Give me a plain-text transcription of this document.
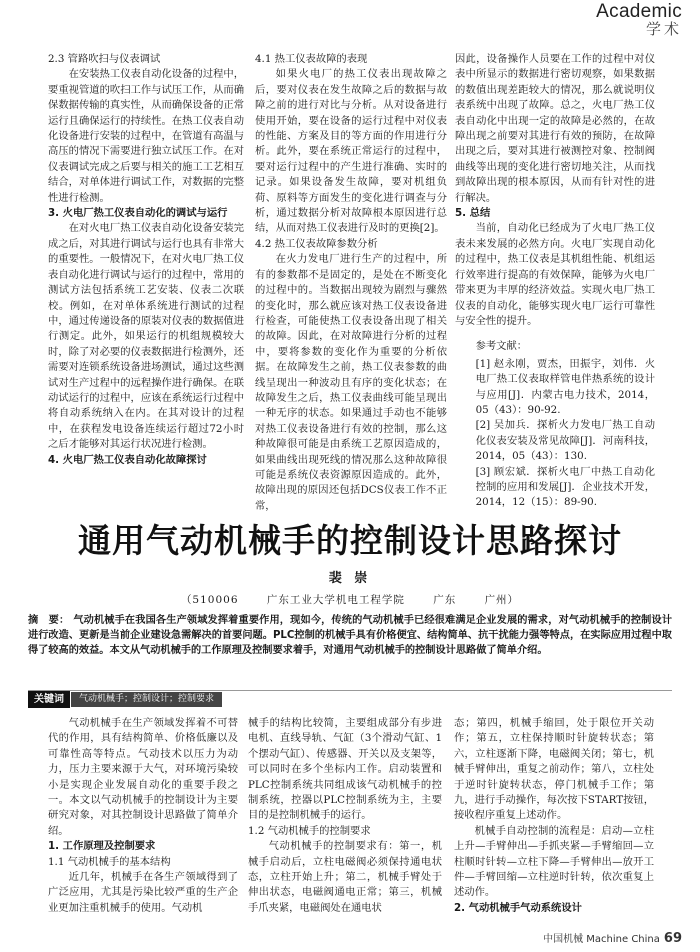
Academic
学术

2.3 管路吹扫与仪表调试

在安装热工仪表自动化设备的过程中，要重视管道的吹扫工作与试压工作，从而确保数据传输的真实性，从而确保设备的正常运行且确保运行的持续性。在热工仪表自动化设备进行安装的过程中，在管道有高温与高压的情况下需要进行独立试压工作。在对仪表调试完成之后要与相关的施工工艺相互结合，对单体进行调试工作，对数据的完整性进行检测。

3. 火电厂热工仪表自动化的调试与运行

在对火电厂热工仪表自动化设备安装完成之后，对其进行调试与运行也具有非常大的重要性。一般情况下，在对火电厂热工仪表自动化进行调试与运行的过程中，常用的测试方法包括系统工艺安装、仪表二次联校。例如，在对单体系统进行测试的过程中，通过传递设备的原装对仪表的数据值进行测定。此外，如果运行的机组规模较大时，除了对必要的仪表数据进行检测外，还需要对连锁系统设备进场测试，通过这些测试对生产过程中的远程操作进行确保。在联动试运行的过程中，应该在系统运行过程中将自动系统纳入在内。在其对设计的过程中，在获程发电设备连续运行超过72小时之后才能够对其运行状况进行检测。

4. 火电厂热工仪表自动化故障探讨

4.1 热工仪表故障的表现

如果火电厂的热工仪表出现故障之后，要对仪表在发生故障之后的数据与故障之前的进行对比与分析。从对设备进行使用开始，要在设备的运行过程中对仪表的性能、方案及目的等方面的作用进行分析。此外，要在系统正常运行的过程中，要对运行过程中的产生进行准确、实时的记录。如果设备发生故障，要对机组负荷、原料等方面发生的变化进行调查与分析，通过数据分析对故障根本原因进行总结，从而对热工仪表进行及时的更换[2]。

4.2 热工仪表故障参数分析

在火力发电厂进行生产的过程中，所有的参数都不是固定的，是处在不断变化的过程中的。当数据出现较为剧烈与骤然的变化时，那么就应该对热工仪表设备进行检查，可能使热工仪表设备出现了相关的故障。因此，在对故障进行分析的过程中，要将参数的变化作为重要的分析依据。在故障发生之前，热工仪表参数的曲线呈现出一种波动且有序的变化状态；在故障发生之后，热工仪表曲线可能呈现出一种无序的状态。如果通过手动也不能够对热工仪表设备进行有效的控制，那么这种故障很可能是由系统工艺原因造成的，如果曲线出现死线的情况那么这种故障很可能是系统仪表资源原因造成的。此外，故障出现的原因还包括DCS仪表工作不正常，

因此，设备操作人员要在工作的过程中对仪表中所显示的数据进行密切观察，如果数据的数值出现差距较大的情况，那么就说明仪表系统中出现了故障。总之，火电厂热工仪表自动化中出现一定的故障是必然的，在故障出现之前要对其进行有效的预防，在故障出现之后，要对其进行被测控对象、控制阀曲线等出现的变化进行密切地关注，从而找到故障出现的根本原因，从而有针对性的进行解决。

5. 总结

当前，自动化已经成为了火电厂热工仪表未来发展的必然方向。火电厂实现自动化的过程中，热工仪表是其机组性能、机组运行效率进行提高的有效保障，能够为火电厂带来更为丰厚的经济效益。实现火电厂热工仪表的自动化，能够实现火电厂运行可靠性与安全性的提升。

参考文献：

[1] 赵永刚，贾杰，田振宇，刘伟．火电厂热工仪表取样管电伴热系统的设计与应用[J]．内蒙古电力技术，2014，05（43）：90-92.

[2] 吴加兵．探析火力发电厂热工自动化仪表安装及常见故障[J]．河南科技，2014，05（43）：130.

[3] 顾宏斌．探析火电厂中热工自动化控制的应用和发展[J]．企业技术开发，2014，12（15）：89-90.

通用气动机械手的控制设计思路探讨
裴 崇
（510006	广东工业大学机电工程学院	广东	广州）
摘　要： 气动机械手在我国各生产领域发挥着重要作用，现如今，传统的气动机械手已经很难满足企业发展的需求，对气动机械手的控制设计进行改造、更新是当前企业建设急需解决的首要问题。PLC控制的机械手具有价格便宜、结构简单、抗干扰能力强等特点，在实际应用过程中取得了较高的效益。本文从气动机械手的工作原理及控制要求着手，对通用气动机械手的控制设计思路做了简单介绍。
关键词	气动机械手；控制设计；控制要求

气动机械手在生产领域发挥着不可替代的作用，具有结构简单、价格低廉以及可靠性高等特点。气动技术以压力为动力，压力主要来源于大气，对环境污染较小是实现企业发展自动化的重要手段之一。本文以气动机械手的控制设计为主要研究对象，对其控制设计思路做了简单介绍。

1. 工作原理及控制要求

1.1 气动机械手的基本结构

近几年，机械手在各生产领域得到了广泛应用，尤其是污染比较严重的生产企业更加注重机械手的使用。气动机

械手的结构比较简，主要组成部分有步进电机、直线导轨、气缸（3个滑动气缸、1个摆动气缸）、传感器、开关以及支架等，可以同时在多个坐标内工作。启动装置和PLC控制系统共同组成该气动机械手的控制系统，控器以PLC控制系统为主，主要目的是控制机械手的运行。

1.2 气动机械手的控制要求

气动机械手的控制要求有：第一，机械手启动后，立柱电磁阀必须保持通电状态，立柱开始上升；第二，机械手臂处于伸出状态，电磁阀通电正常；第三，机械手爪夹紧，电磁阀处在通电状

态；第四，机械手缩回，处于限位开关动作；第五，立柱保持顺时针旋转状态；第六，立柱逐渐下降，电磁阀关闭；第七，机械手臂伸出，重复之前动作；第八，立柱处于逆时针旋转状态，停门机械手工作；第九，进行手动操作，每次按下START按钮，接收程序重复上述动作。

机械手自动控制的流程是：启动—立柱上升—手臂伸出—手抓夹紧—手臂缩回—立柱顺时针转—立柱下降—手臂伸出—放开工件—手臂回缩—立柱逆时针转，依次重复上述动作。

2. 气动机械手气动系统设计

中国机械 Machine China 69
